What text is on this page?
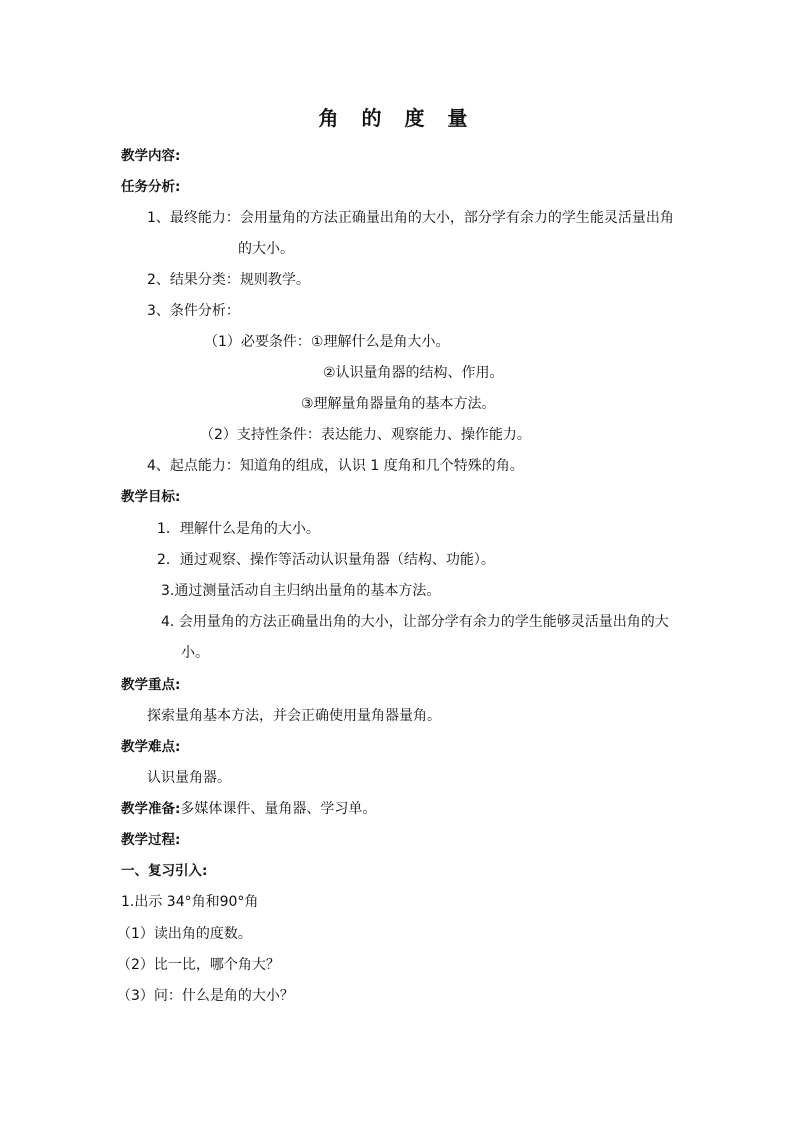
角 的 度 量
教学内容:
任务分析:
1、最终能力：会用量角的方法正确量出角的大小，部分学有余力的学生能灵活量出角
的大小。
2、结果分类：规则教学。
3、条件分析：
（1）必要条件：①理解什么是角大小。
②认识量角器的结构、作用。
③理解量角器量角的基本方法。
（2）支持性条件：表达能力、观察能力、操作能力。
4、起点能力：知道角的组成，认识 1 度角和几个特殊的角。
教学目标:
1．理解什么是角的大小。
2．通过观察、操作等活动认识量角器（结构、功能）。
3.通过测量活动自主归纳出量角的基本方法。
4. 会用量角的方法正确量出角的大小，让部分学有余力的学生能够灵活量出角的大
小。
教学重点:
探索量角基本方法，并会正确使用量角器量角。
教学难点:
认识量角器。
教学准备:多媒体课件、量角器、学习单。
教学过程:
一、复习引入:
1.出示 34°角和90°角
（1）读出角的度数。
（2）比一比，哪个角大？
（3）问：什么是角的大小？
